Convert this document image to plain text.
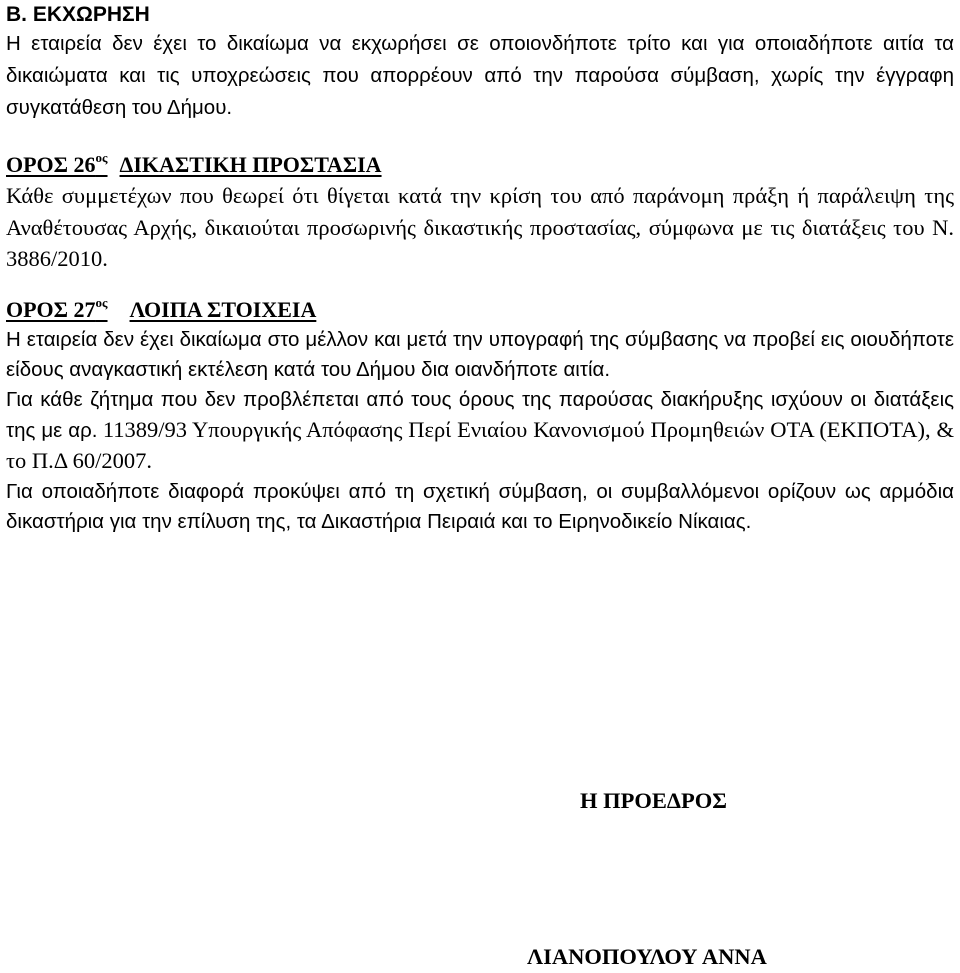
Β. ΕΚΧΩΡΗΣΗ

Η εταιρεία δεν έχει το δικαίωμα να εκχωρήσει σε οποιονδήποτε τρίτο και για οποιαδήποτε αιτία τα δικαιώματα και τις υποχρεώσεις που απορρέουν από την παρούσα σύμβαση, χωρίς την έγγραφη συγκατάθεση του Δήμου.

ΟΡΟΣ $26^{o\varsigma}$ ΔΙΚΑΣΤΙΚΗ ΠΡΟΣΤΑΣΙΑ

Κάθε συμμετέχων που θεωρεί ότι θίγεται κατά την κρίση του από παράνομη πράξη ή παράλειψη της Αναθέτουσας Αρχής, δικαιούται προσωρινής δικαστικής προστασίας, σύμφωνα με τις διατάξεις του Ν. 3886/2010.

ΟΡΟΣ $27^{o\varsigma}$ ΛΟΙΠΑ ΣΤΟΙΧΕΙΑ

Η εταιρεία δεν έχει δικαίωμα στο μέλλον και μετά την υπογραφή της σύμβασης να προβεί εις οιουδήποτε είδους αναγκαστική εκτέλεση κατά του Δήμου δια οιανδήποτε αιτία.

Για κάθε ζήτημα που δεν προβλέπεται από τους όρους της παρούσας διακήρυξης ισχύουν οι διατάξεις της με αρ. 11389/93 Υπουργικής Απόφασης Περί Ενιαίου Κανονισμού Προμηθειών ΟΤΑ (ΕΚΠΟΤΑ), & το Π.Δ 60/2007.

Για οποιαδήποτε διαφορά προκύψει από τη σχετική σύμβαση, οι συμβαλλόμενοι ορίζουν ως αρμόδια δικαστήρια για την επίλυση της, τα Δικαστήρια Πειραιά και το Ειρηνοδικείο Νίκαιας.

Η ΠΡΟΕΔΡΟΣ
ΛΙΑΝΟΠΟΥΛΟΥ ΑΝΝΑ
